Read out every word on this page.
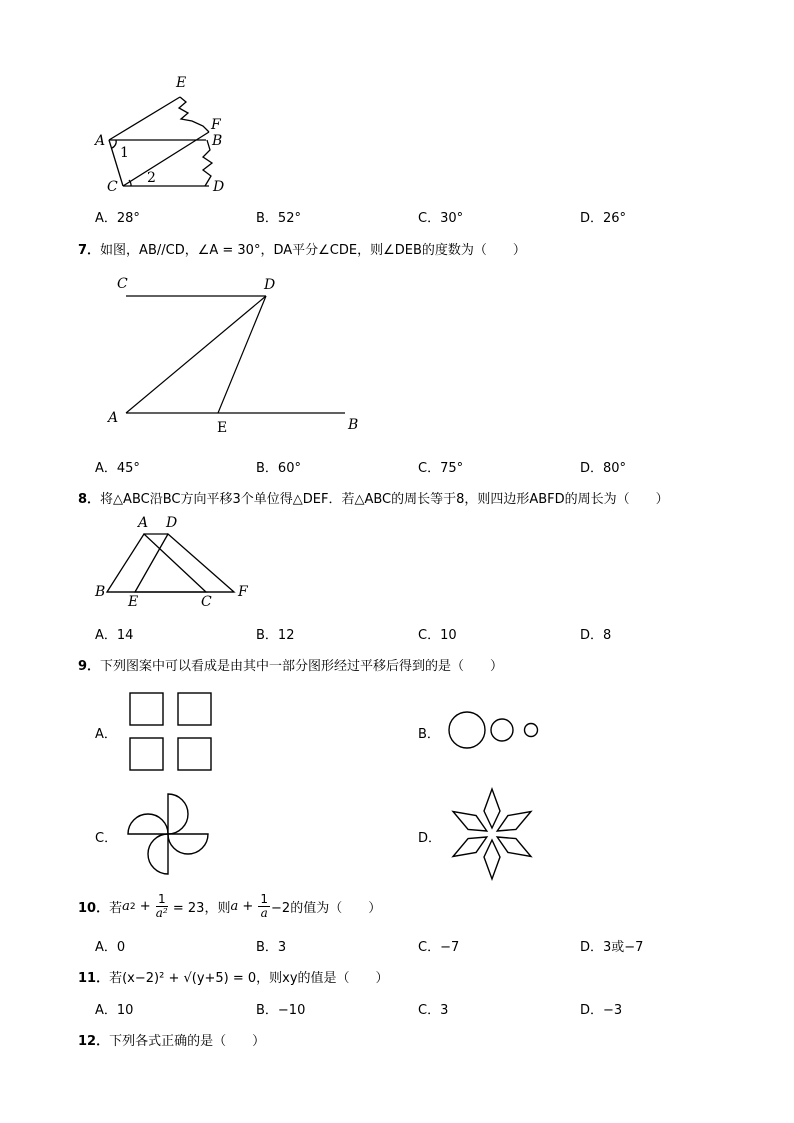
E
A
1
F
B
C
2
D
A．28°	B．52°	C．30°	D．26°
7．如图，AB//CD，∠A = 30°，DA平分∠CDE，则∠DEB的度数为（　　）
C	D
A
E	B
A．45°	B．60°	C．75°	D．80°
8．将△ABC沿BC方向平移3个单位得△DEF．若△ABC的周长等于8，则四边形ABFD的周长为（　　）
A D
B
E	C
F
A．14	B．12	C．10	D．8
9．下列图案中可以看成是由其中一部分图形经过平移后得到的是（　　）
A．	B．
C．	D．
10． 若 a $2 + \frac{1}{\text{a²}} = 23$，则 $a + \frac{1}{a} -2$的值为（　　）
A．0	B．3	C．−7	D．3或−7
11．若(x−2)² + √(y+5) = 0，则xy的值是（　　）
A．10	B．−10	C．3	D．−3
12．下列各式正确的是（　　）
